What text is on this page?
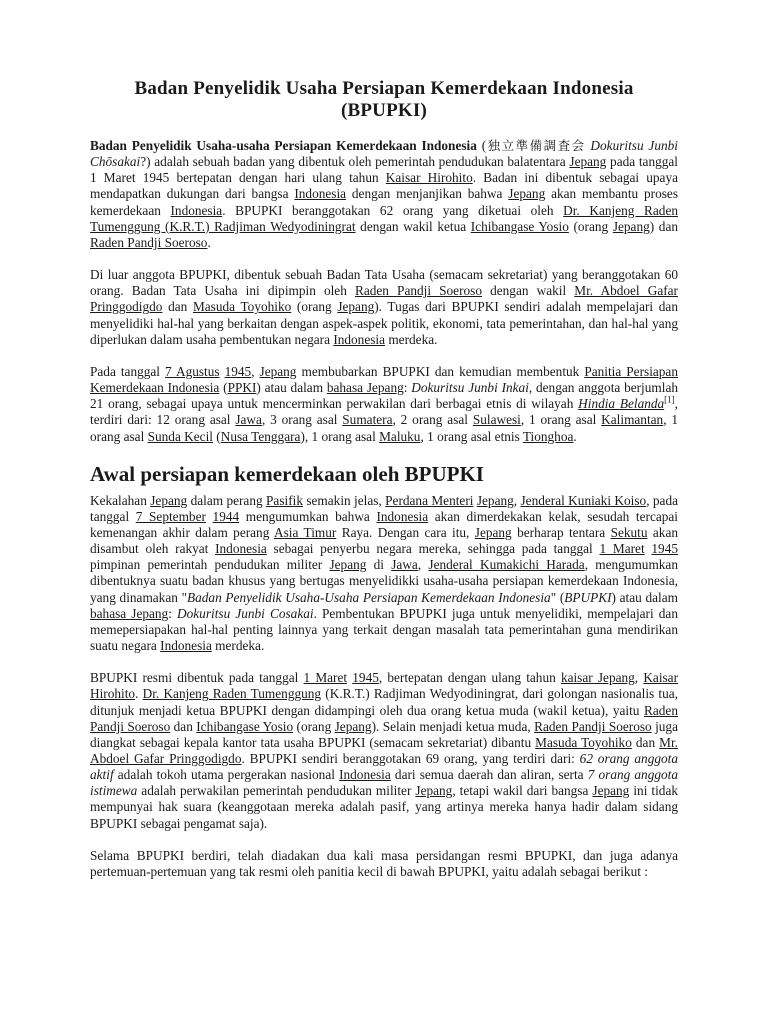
Badan Penyelidik Usaha Persiapan Kemerdekaan Indonesia (BPUPKI)

Badan Penyelidik Usaha-usaha Persiapan Kemerdekaan Indonesia (独立準備調査会 Dokuritsu Junbi Chōsakai?) adalah sebuah badan yang dibentuk oleh pemerintah pendudukan balatentara Jepang pada tanggal 1 Maret 1945 bertepatan dengan hari ulang tahun Kaisar Hirohito. Badan ini dibentuk sebagai upaya mendapatkan dukungan dari bangsa Indonesia dengan menjanjikan bahwa Jepang akan membantu proses kemerdekaan Indonesia. BPUPKI beranggotakan 62 orang yang diketuai oleh Dr. Kanjeng Raden Tumenggung (K.R.T.) Radjiman Wedyodiningrat dengan wakil ketua Ichibangase Yosio (orang Jepang) dan Raden Pandji Soeroso.

Di luar anggota BPUPKI, dibentuk sebuah Badan Tata Usaha (semacam sekretariat) yang beranggotakan 60 orang. Badan Tata Usaha ini dipimpin oleh Raden Pandji Soeroso dengan wakil Mr. Abdoel Gafar Pringgodigdo dan Masuda Toyohiko (orang Jepang). Tugas dari BPUPKI sendiri adalah mempelajari dan menyelidiki hal-hal yang berkaitan dengan aspek-aspek politik, ekonomi, tata pemerintahan, dan hal-hal yang diperlukan dalam usaha pembentukan negara Indonesia merdeka.

Pada tanggal 7 Agustus 1945, Jepang membubarkan BPUPKI dan kemudian membentuk Panitia Persiapan Kemerdekaan Indonesia (PPKI) atau dalam bahasa Jepang: Dokuritsu Junbi Inkai, dengan anggota berjumlah 21 orang, sebagai upaya untuk mencerminkan perwakilan dari berbagai etnis di wilayah Hindia Belanda[1], terdiri dari: 12 orang asal Jawa, 3 orang asal Sumatera, 2 orang asal Sulawesi, 1 orang asal Kalimantan, 1 orang asal Sunda Kecil (Nusa Tenggara), 1 orang asal Maluku, 1 orang asal etnis Tionghoa.

Awal persiapan kemerdekaan oleh BPUPKI

Kekalahan Jepang dalam perang Pasifik semakin jelas, Perdana Menteri Jepang, Jenderal Kuniaki Koiso, pada tanggal 7 September 1944 mengumumkan bahwa Indonesia akan dimerdekakan kelak, sesudah tercapai kemenangan akhir dalam perang Asia Timur Raya. Dengan cara itu, Jepang berharap tentara Sekutu akan disambut oleh rakyat Indonesia sebagai penyerbu negara mereka, sehingga pada tanggal 1 Maret 1945 pimpinan pemerintah pendudukan militer Jepang di Jawa, Jenderal Kumakichi Harada, mengumumkan dibentuknya suatu badan khusus yang bertugas menyelidikki usaha-usaha persiapan kemerdekaan Indonesia, yang dinamakan "Badan Penyelidik Usaha-Usaha Persiapan Kemerdekaan Indonesia" (BPUPKI) atau dalam bahasa Jepang: Dokuritsu Junbi Cosakai. Pembentukan BPUPKI juga untuk menyelidiki, mempelajari dan memepersiapakan hal-hal penting lainnya yang terkait dengan masalah tata pemerintahan guna mendirikan suatu negara Indonesia merdeka.

BPUPKI resmi dibentuk pada tanggal 1 Maret 1945, bertepatan dengan ulang tahun kaisar Jepang, Kaisar Hirohito. Dr. Kanjeng Raden Tumenggung (K.R.T.) Radjiman Wedyodiningrat, dari golongan nasionalis tua, ditunjuk menjadi ketua BPUPKI dengan didampingi oleh dua orang ketua muda (wakil ketua), yaitu Raden Pandji Soeroso dan Ichibangase Yosio (orang Jepang). Selain menjadi ketua muda, Raden Pandji Soeroso juga diangkat sebagai kepala kantor tata usaha BPUPKI (semacam sekretariat) dibantu Masuda Toyohiko dan Mr. Abdoel Gafar Pringgodigdo. BPUPKI sendiri beranggotakan 69 orang, yang terdiri dari: 62 orang anggota aktif adalah tokoh utama pergerakan nasional Indonesia dari semua daerah dan aliran, serta 7 orang anggota istimewa adalah perwakilan pemerintah pendudukan militer Jepang, tetapi wakil dari bangsa Jepang ini tidak mempunyai hak suara (keanggotaan mereka adalah pasif, yang artinya mereka hanya hadir dalam sidang BPUPKI sebagai pengamat saja).

Selama BPUPKI berdiri, telah diadakan dua kali masa persidangan resmi BPUPKI, dan juga adanya pertemuan-pertemuan yang tak resmi oleh panitia kecil di bawah BPUPKI, yaitu adalah sebagai berikut :
